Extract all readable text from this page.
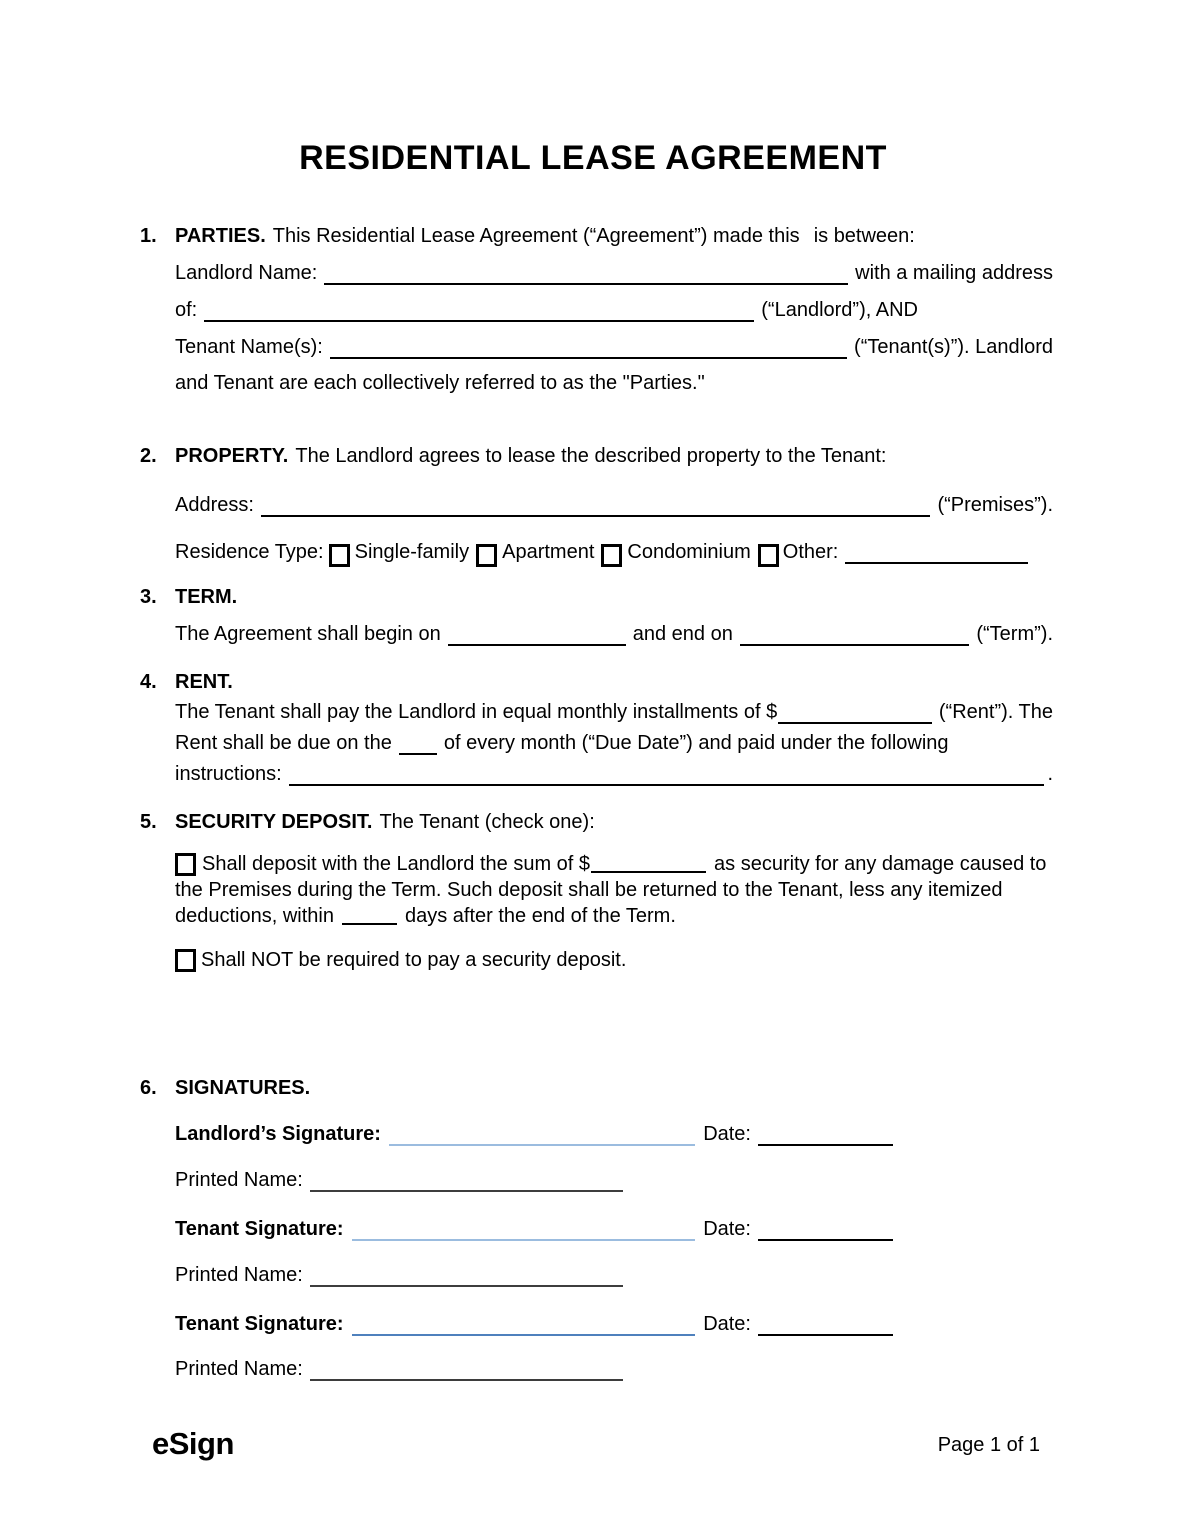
RESIDENTIAL LEASE AGREEMENT
1. PARTIES. This Residential Lease Agreement (“Agreement”) made this is between:
Landlord Name:	with a mailing address
of:	(“Landlord”), AND
Tenant Name(s):	(“Tenant(s)”). Landlord
and Tenant are each collectively referred to as the "Parties."
2. PROPERTY. The Landlord agrees to lease the described property to the Tenant:
Address:	(“Premises”).
Residence Type: Single-family Apartment Condominium Other:
3. TERM.
The Agreement shall begin on	and end on	(“Term”).
4. RENT.
The Tenant shall pay the Landlord in equal monthly installments of $	(“Rent”). The
Rent shall be due on the	of every month (“Due Date”) and paid under the following
instructions:	.
5. SECURITY DEPOSIT. The Tenant (check one):
Shall deposit with the Landlord the sum of $	as security for any damage caused to the Premises during the Term. Such deposit shall be returned to the Tenant, less any itemized deductions, within	days after the end of the Term.
Shall NOT be required to pay a security deposit.
6. SIGNATURES.
Landlord’s Signature:	Date:
Printed Name:
Tenant Signature:	Date:
Printed Name:
Tenant Signature:	Date:
Printed Name:
eSign	Page 1 of 1
